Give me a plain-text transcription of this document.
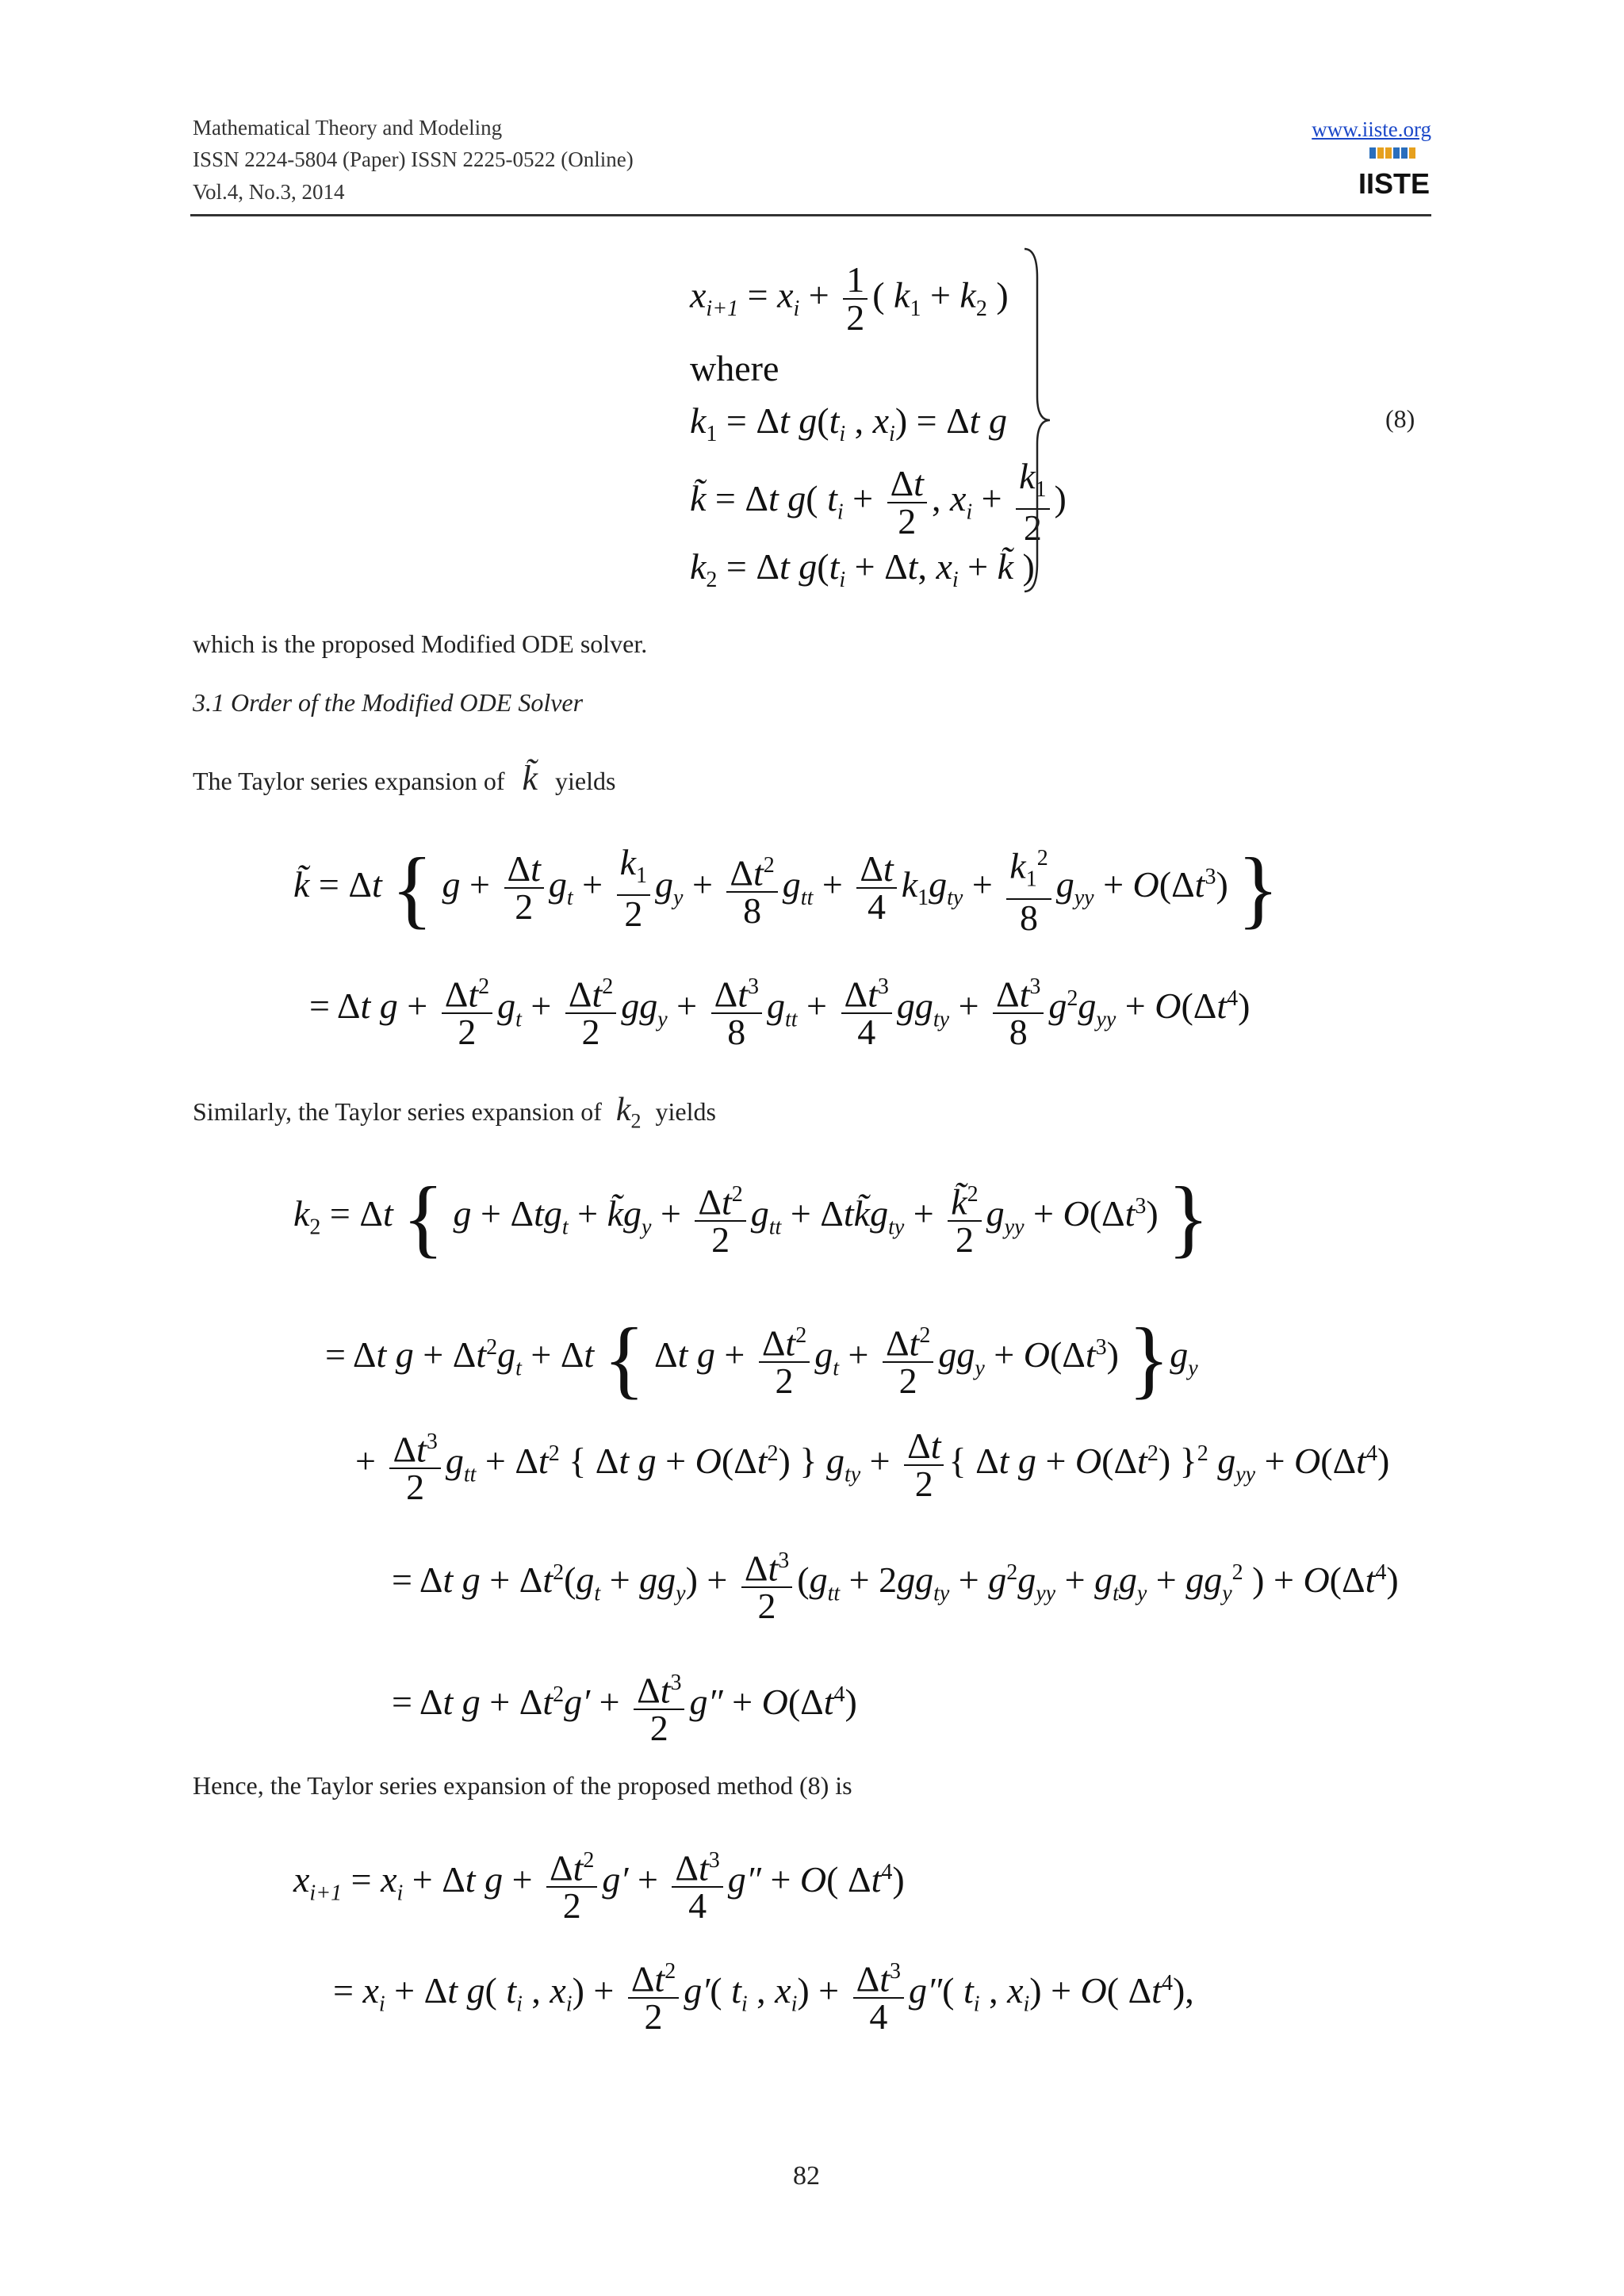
Mathematical Theory and Modeling
ISSN 2224-5804 (Paper) ISSN 2225-0522 (Online)
Vol.4, No.3, 2014
www.iiste.org
IISTE
$x_{i+1} = x_i + \frac{1}{2}$ ( $k_1 + k_2$ )
where
$k_1 = \Delta t$ $g(t_i$ , $x_i) = \Delta t$ g
k̃ = Δt g( $t_i + \frac{\Delta t}{2}$ , $x_i + \frac{k_1}{2}$ )
$k_2 = \Delta t$ $g(t_i + \Delta t$, $x_i$ + k̃ )
(8)
which is the proposed Modified ODE solver.
3.1 Order of the Modified ODE Solver
The Taylor series expansion of k̃ yields
k̃ = Δt { $g + \frac{\Delta t}{2} g_t + \frac{k_1}{2} g_y + \frac{\Delta t^2}{8} g_{tt} + \frac{\Delta t}{4} k_1g_{ty} + \frac{k_1^2}{8} g_{yy} + O(\Delta t^3)$ }
= Δt $g + \frac{\Delta t^2}{2} g_t + \frac{\Delta t^2}{2} gg_y + \frac{\Delta t^3}{8} g_{tt} + \frac{\Delta t^3}{4} gg_{ty} + \frac{\Delta t^3}{8} g^2g_{yy} + O(\Delta t^4)$
Similarly, the Taylor series expansion of $k_2$ yields
$k_2 = \Delta t$ { $g + \Delta tg_t + k̃g_y + \frac{\Delta t^2}{2} g_{tt}$ + $\Delta tk̃g_{ty} + \frac{k̃^2}{2} g_{yy} + O(\Delta t^3)$ }
= Δt $g + \Delta t^2g_t + \Delta t$ { Δt $g + \frac{\Delta t^2}{2} g_t + \frac{\Delta t^2}{2} gg_y + O(\Delta t^3)$ }$g_y$
+ $\frac{\Delta t^3}{2} g_{tt} + \Delta t^2$ { Δt $g + O(\Delta t^2)$ } $g_{ty} + \frac{\Delta t}{2}$ { Δt $g + O(\Delta t^2)$ }$^2$ $g_{yy} + O(\Delta t^4)$
= Δt $g + \Delta t^2(g_t + gg_y) + \frac{\Delta t^3}{2} (g_{tt} + 2gg_{ty} + g^2g_{yy} + g_tg_y + gg_y^2$ ) + $O(\Delta t^4)$
= Δt $g + \Delta t^2g' + \frac{\Delta t^3}{2} g'' + O(\Delta t^4)$
Hence, the Taylor series expansion of the proposed method (8) is
$x_{i+1} = x_i + \Delta t$ $g + \frac{\Delta t^2}{2} g' + \frac{\Delta t^3}{4} g'' + O$( $\Delta t^4$)
= $x_i + \Delta t$ g( $t_i$ , $x_i) + \frac{\Delta t^2}{2} g'$( $t_i$ , $x_i) + \frac{\Delta t^3}{4} g''$( $t_i$ , $x_i) + O$( $\Delta t^4$),
82
